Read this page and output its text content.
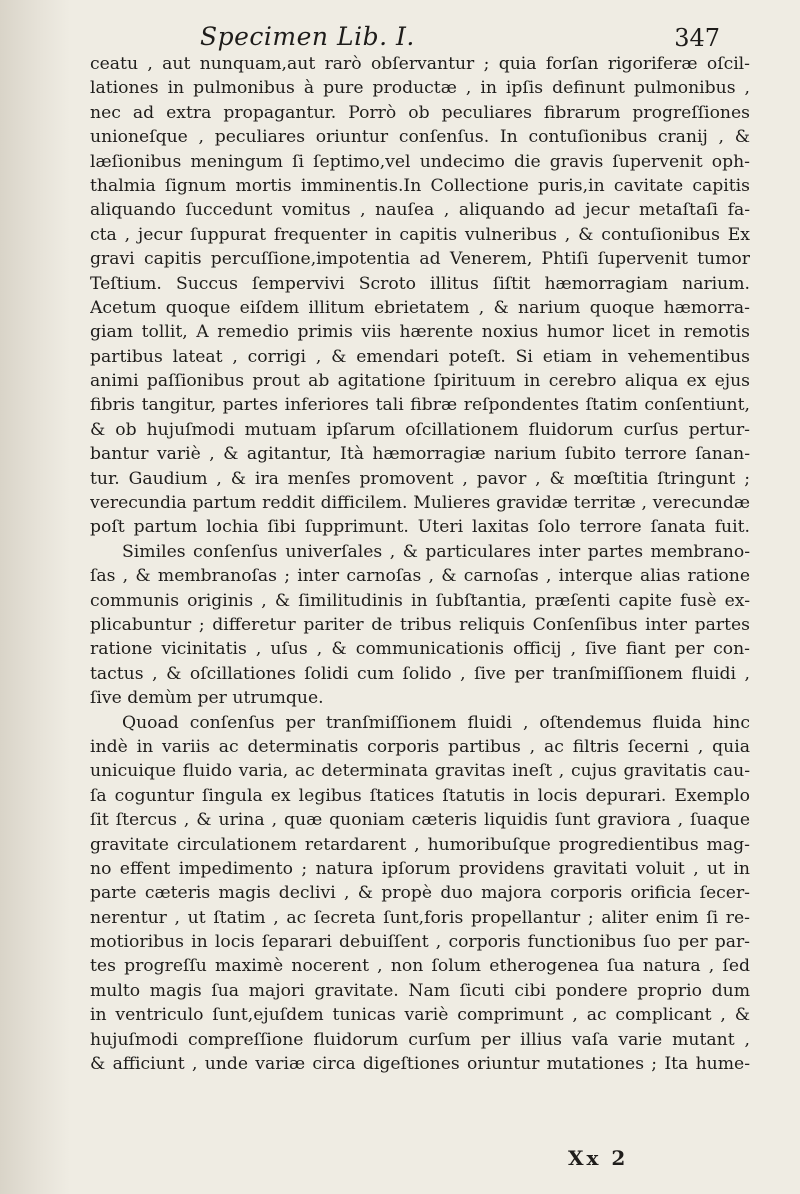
Specimen Lib. I.	347
ceatu , aut nunquam,aut rarò obſervantur ; quia forſan rigoriferæ oſcil-
lationes in pulmonibus à pure productæ , in ipſis definunt pulmonibus ,
nec ad extra propagantur. Porrò ob peculiares fibrarum progreſſiones
unioneſque , peculiares oriuntur conſenſus. In contuſionibus cranij , &
læſionibus meningum ſi ſeptimo,vel undecimo die gravis ſupervenit oph-
thalmia ſignum mortis imminentis.In Collectione puris,in cavitate capitis
aliquando ſuccedunt vomitus , nauſea , aliquando ad jecur metaſtaſi fa-
cta , jecur ſuppurat frequenter in capitis vulneribus , & contuſionibus Ex
gravi capitis percuſſione,impotentia ad Venerem, Phtiſi ſupervenit tumor
Teſtium. Succus ſempervivi Scroto illitus ſiſtit hæmorragiam narium.
Acetum quoque eiſdem illitum ebrietatem , & narium quoque hæmorra-
giam tollit, A remedio primis viis hærente noxius humor licet in remotis
partibus lateat , corrigi , & emendari poteſt. Si etiam in vehementibus
animi paſſionibus prout ab agitatione ſpirituum in cerebro aliqua ex ejus
fibris tangitur, partes inferiores tali fibræ reſpondentes ſtatim conſentiunt,
& ob hujuſmodi mutuam ipſarum oſcillationem fluidorum curſus pertur-
bantur variè , & agitantur, Ità hæmorragiæ narium ſubito terrore ſanan-
tur. Gaudium , & ira menſes promovent , pavor , & mœſtitia ſtringunt ;
verecundia partum reddit difficilem. Mulieres gravidæ territæ , verecundæ
poſt partum lochia ſibi ſupprimunt. Uteri laxitas ſolo terrore ſanata fuit.
Similes conſenſus univerſales , & particulares inter partes membrano-
ſas , & membranoſas ; inter carnoſas , & carnoſas , interque alias ratione
communis originis , & ſimilitudinis in ſubſtantia, præſenti capite fusè ex-
plicabuntur ; differetur pariter de tribus reliquis Conſenſibus inter partes
ratione vicinitatis , uſus , & communicationis officij , ſive fiant per con-
tactus , & oſcillationes ſolidi cum ſolido , ſive per tranſmiſſionem fluidi ,
ſive demùm per utrumque.
Quoad conſenſus per tranſmiſſionem fluidi , oſtendemus fluida hinc
indè in variis ac determinatis corporis partibus , ac filtris ſecerni , quia
unicuique fluido varia, ac determinata gravitas ineſt , cujus gravitatis cau-
ſa coguntur ſingula ex legibus ſtatices ſtatutis in locis depurari. Exemplo
ſit ſtercus , & urina , quæ quoniam cæteris liquidis ſunt graviora , ſuaque
gravitate circulationem retardarent , humoribuſque progredientibus mag-
no effent impedimento ; natura ipſorum providens gravitati voluit , ut in
parte cæteris magis declivi , & propè duo majora corporis orificia ſecer-
nerentur , ut ſtatim , ac ſecreta ſunt,foris propellantur ; aliter enim ſi re-
motioribus in locis ſeparari debuiſſent , corporis functionibus ſuo per par-
tes progreſſu maximè nocerent , non ſolum etherogenea ſua natura , ſed
multo magis ſua majori gravitate. Nam ſicuti cibi pondere proprio dum
in ventriculo ſunt,ejuſdem tunicas variè comprimunt , ac complicant , &
hujuſmodi compreſſione fluidorum curſum per illius vaſa varie mutant ,
& afficiunt , unde variæ circa digeſtiones oriuntur mutationes ; Ita hume-
Xx 2
